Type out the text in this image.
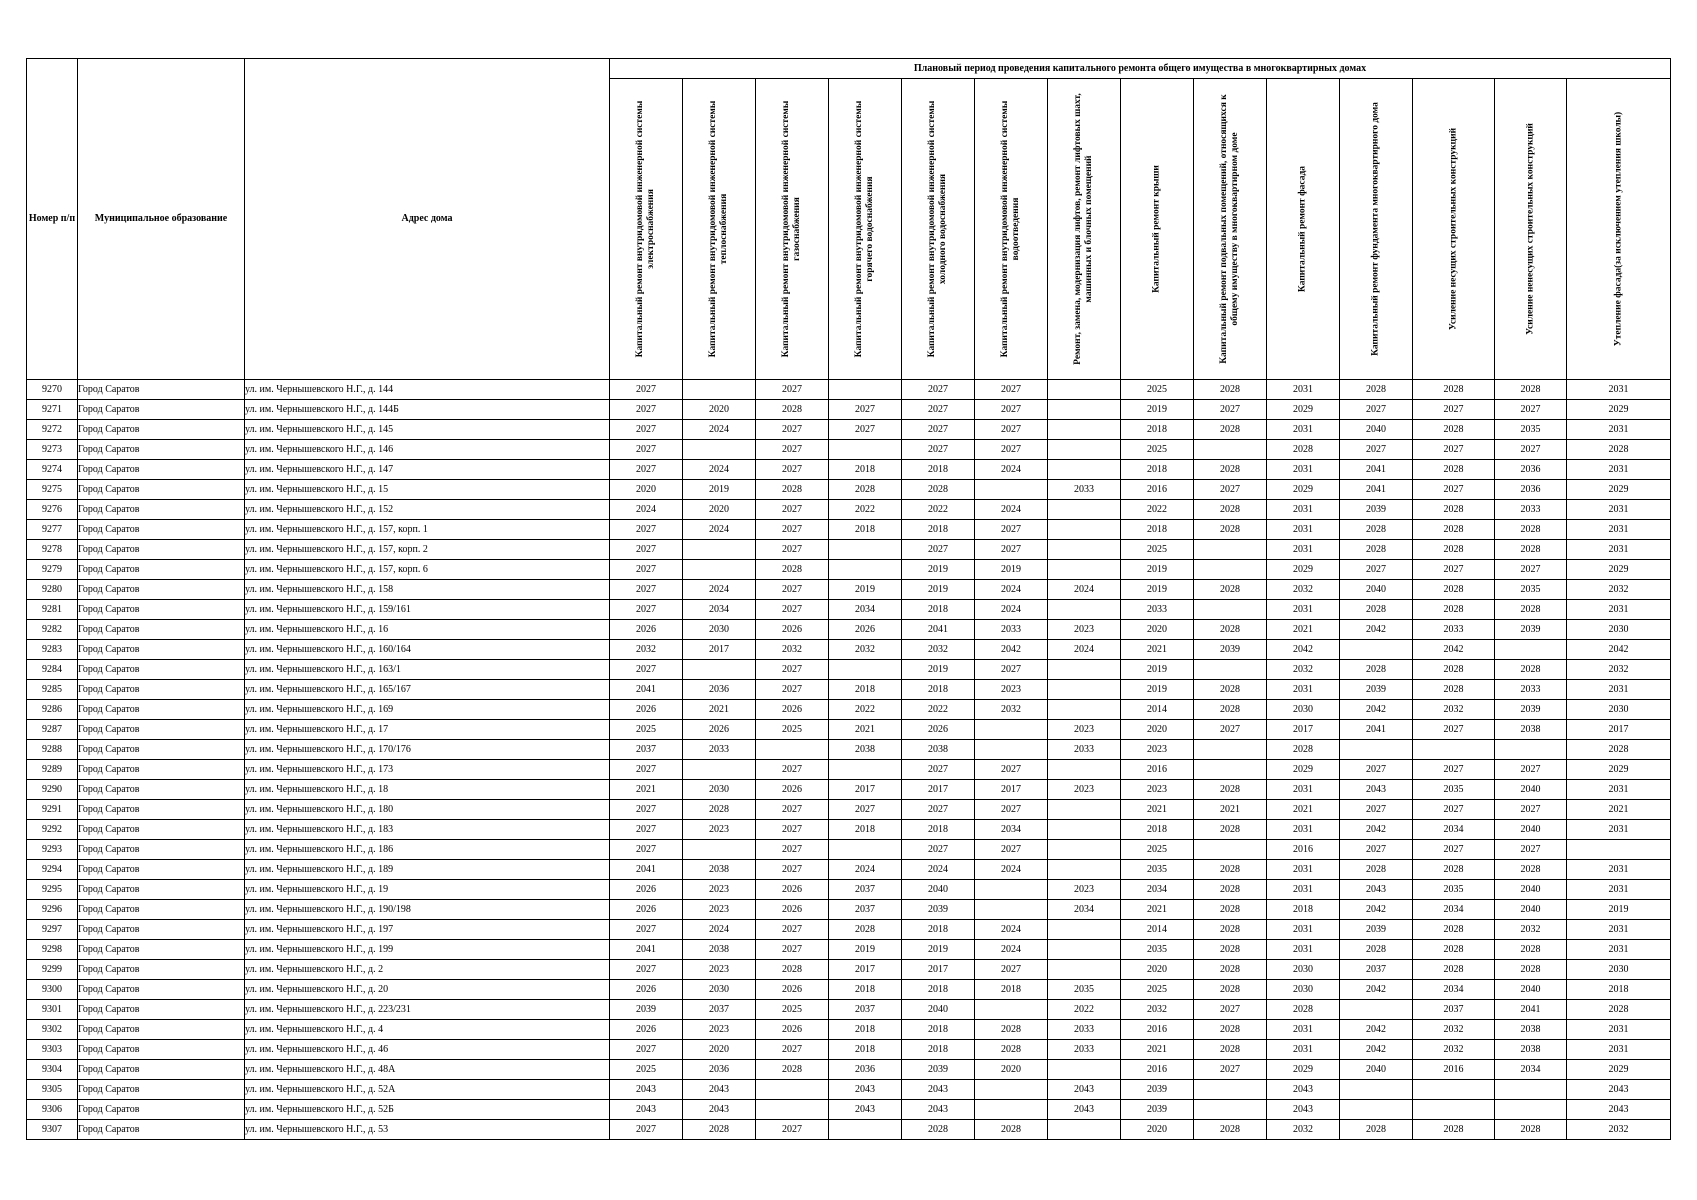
Номер п/п	Муниципальное образование	Адрес дома	Плановый период проведения капитального ремонта общего имущества в многоквартирных домах													

			Капитальный ремонт внутридомовой инженерной системы электроснабжения	Капитальный ремонт внутридомовой инженерной системы теплоснабжения	Капитальный ремонт внутридомовой инженерной системы газоснабжения	Капитальный ремонт внутридомовой инженерной системы горячего водоснабжения	Капитальный ремонт внутридомовой инженерной системы холодного водоснабжения	Капитальный ремонт внутридомовой инженерной системы водоотведения	Ремонт, замена, модернизация лифтов, ремонт лифтовых шахт, машинных и блочных помещений	Капитальный ремонт крыши	Капитальный ремонт подвальных помещений, относящихся к общему имуществу в многоквартирном доме	Капитальный ремонт фасада	Капитальный ремонт фундамента многоквартирного дома	Усиление несущих строительных конструкций	Усиление ненесущих строительных конструкций	Утепление фасада(за исключением утепления школы)

9270	Город Саратов	ул. им. Чернышевского Н.Г., д. 144	2027		2027		2027	2027		2025	2028	2031	2028	2028	2028	2031
9271	Город Саратов	ул. им. Чернышевского Н.Г., д. 144Б	2027	2020	2028	2027	2027	2027		2019	2027	2029	2027	2027	2027	2029
9272	Город Саратов	ул. им. Чернышевского Н.Г., д. 145	2027	2024	2027	2027	2027	2027		2018	2028	2031	2040	2028	2035	2031
9273	Город Саратов	ул. им. Чернышевского Н.Г., д. 146	2027		2027		2027	2027		2025		2028	2027	2027	2027	2028
9274	Город Саратов	ул. им. Чернышевского Н.Г., д. 147	2027	2024	2027	2018	2018	2024		2018	2028	2031	2041	2028	2036	2031
9275	Город Саратов	ул. им. Чернышевского Н.Г., д. 15	2020	2019	2028	2028	2028		2033	2016	2027	2029	2041	2027	2036	2029
9276	Город Саратов	ул. им. Чернышевского Н.Г., д. 152	2024	2020	2027	2022	2022	2024		2022	2028	2031	2039	2028	2033	2031
9277	Город Саратов	ул. им. Чернышевского Н.Г., д. 157, корп. 1	2027	2024	2027	2018	2018	2027		2018	2028	2031	2028	2028	2028	2031
9278	Город Саратов	ул. им. Чернышевского Н.Г., д. 157, корп. 2	2027		2027		2027	2027		2025		2031	2028	2028	2028	2031
9279	Город Саратов	ул. им. Чернышевского Н.Г., д. 157, корп. 6	2027		2028		2019	2019		2019		2029	2027	2027	2027	2029
9280	Город Саратов	ул. им. Чернышевского Н.Г., д. 158	2027	2024	2027	2019	2019	2024	2024	2019	2028	2032	2040	2028	2035	2032
9281	Город Саратов	ул. им. Чернышевского Н.Г., д. 159/161	2027	2034	2027	2034	2018	2024		2033		2031	2028	2028	2028	2031
9282	Город Саратов	ул. им. Чернышевского Н.Г., д. 16	2026	2030	2026	2026	2041	2033	2023	2020	2028	2021	2042	2033	2039	2030
9283	Город Саратов	ул. им. Чернышевского Н.Г., д. 160/164	2032	2017	2032	2032	2032	2042	2024	2021	2039	2042		2042		2042
9284	Город Саратов	ул. им. Чернышевского Н.Г., д. 163/1	2027		2027		2019	2027		2019		2032	2028	2028	2028	2032
9285	Город Саратов	ул. им. Чернышевского Н.Г., д. 165/167	2041	2036	2027	2018	2018	2023		2019	2028	2031	2039	2028	2033	2031
9286	Город Саратов	ул. им. Чернышевского Н.Г., д. 169	2026	2021	2026	2022	2022	2032		2014	2028	2030	2042	2032	2039	2030
9287	Город Саратов	ул. им. Чернышевского Н.Г., д. 17	2025	2026	2025	2021	2026		2023	2020	2027	2017	2041	2027	2038	2017
9288	Город Саратов	ул. им. Чернышевского Н.Г., д. 170/176	2037	2033		2038	2038		2033	2023		2028				2028
9289	Город Саратов	ул. им. Чернышевского Н.Г., д. 173	2027		2027		2027	2027		2016		2029	2027	2027	2027	2029
9290	Город Саратов	ул. им. Чернышевского Н.Г., д. 18	2021	2030	2026	2017	2017	2017	2023	2023	2028	2031	2043	2035	2040	2031
9291	Город Саратов	ул. им. Чернышевского Н.Г., д. 180	2027	2028	2027	2027	2027	2027		2021	2021	2021	2027	2027	2027	2021
9292	Город Саратов	ул. им. Чернышевского Н.Г., д. 183	2027	2023	2027	2018	2018	2034		2018	2028	2031	2042	2034	2040	2031
9293	Город Саратов	ул. им. Чернышевского Н.Г., д. 186	2027		2027		2027	2027		2025		2016	2027	2027	2027	
9294	Город Саратов	ул. им. Чернышевского Н.Г., д. 189	2041	2038	2027	2024	2024	2024		2035	2028	2031	2028	2028	2028	2031
9295	Город Саратов	ул. им. Чернышевского Н.Г., д. 19	2026	2023	2026	2037	2040		2023	2034	2028	2031	2043	2035	2040	2031
9296	Город Саратов	ул. им. Чернышевского Н.Г., д. 190/198	2026	2023	2026	2037	2039		2034	2021	2028	2018	2042	2034	2040	2019
9297	Город Саратов	ул. им. Чернышевского Н.Г., д. 197	2027	2024	2027	2028	2018	2024		2014	2028	2031	2039	2028	2032	2031
9298	Город Саратов	ул. им. Чернышевского Н.Г., д. 199	2041	2038	2027	2019	2019	2024		2035	2028	2031	2028	2028	2028	2031
9299	Город Саратов	ул. им. Чернышевского Н.Г., д. 2	2027	2023	2028	2017	2017	2027		2020	2028	2030	2037	2028	2028	2030
9300	Город Саратов	ул. им. Чернышевского Н.Г., д. 20	2026	2030	2026	2018	2018	2018	2035	2025	2028	2030	2042	2034	2040	2018
9301	Город Саратов	ул. им. Чернышевского Н.Г., д. 223/231	2039	2037	2025	2037	2040		2022	2032	2027	2028		2037	2041	2028
9302	Город Саратов	ул. им. Чернышевского Н.Г., д. 4	2026	2023	2026	2018	2018	2028	2033	2016	2028	2031	2042	2032	2038	2031
9303	Город Саратов	ул. им. Чернышевского Н.Г., д. 46	2027	2020	2027	2018	2018	2028	2033	2021	2028	2031	2042	2032	2038	2031
9304	Город Саратов	ул. им. Чернышевского Н.Г., д. 48А	2025	2036	2028	2036	2039	2020		2016	2027	2029	2040	2016	2034	2029
9305	Город Саратов	ул. им. Чернышевского Н.Г., д. 52А	2043	2043		2043	2043		2043	2039		2043				2043
9306	Город Саратов	ул. им. Чернышевского Н.Г., д. 52Б	2043	2043		2043	2043		2043	2039		2043				2043
9307	Город Саратов	ул. им. Чернышевского Н.Г., д. 53	2027	2028	2027		2028	2028		2020	2028	2032	2028	2028	2028	2032
